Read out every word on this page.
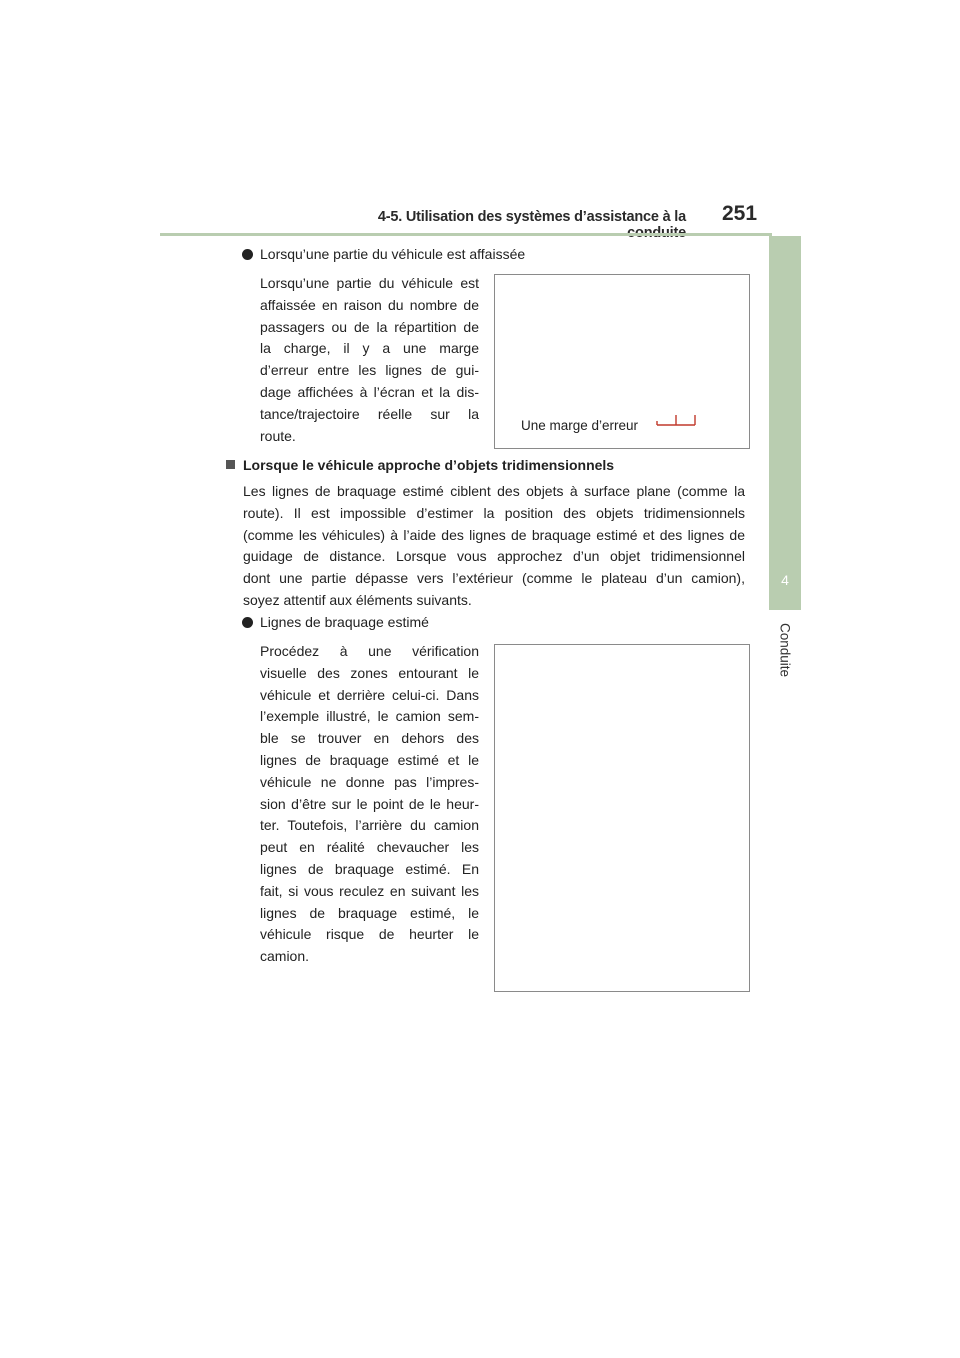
4-5. Utilisation des systèmes d’assistance à la 251
4
Conduite
Lorsqu’une partie du véhicule est affaissée
Lorsqu’une partie du véhicule est
affaissée en raison du nombre de
passagers ou de la répartition de
la charge, il y a une marge
d’erreur entre les lignes de gui-
dage affichées à l’écran et la dis-
tance/trajectoire réelle sur la
route.
Une marge d’erreur
Lorsque le véhicule approche d’objets tridimensionnels
Les lignes de braquage estimé ciblent des objets à surface plane (comme la
route). Il est impossible d’estimer la position des objets tridimensionnels
(comme les véhicules) à l’aide des lignes de braquage estimé et des lignes de
guidage de distance. Lorsque vous approchez d’un objet tridimensionnel
dont une partie dépasse vers l’extérieur (comme le plateau d’un camion),
soyez attentif aux éléments suivants.
Lignes de braquage estimé
Procédez à une vérification
visuelle des zones entourant le
véhicule et derrière celui-ci. Dans
l’exemple illustré, le camion sem-
ble se trouver en dehors des
lignes de braquage estimé et le
véhicule ne donne pas l’impres-
sion d’être sur le point de le heur-
ter. Toutefois, l’arrière du camion
peut en réalité chevaucher les
lignes de braquage estimé. En
fait, si vous reculez en suivant les
lignes de braquage estimé, le
véhicule risque de heurter le
camion.
